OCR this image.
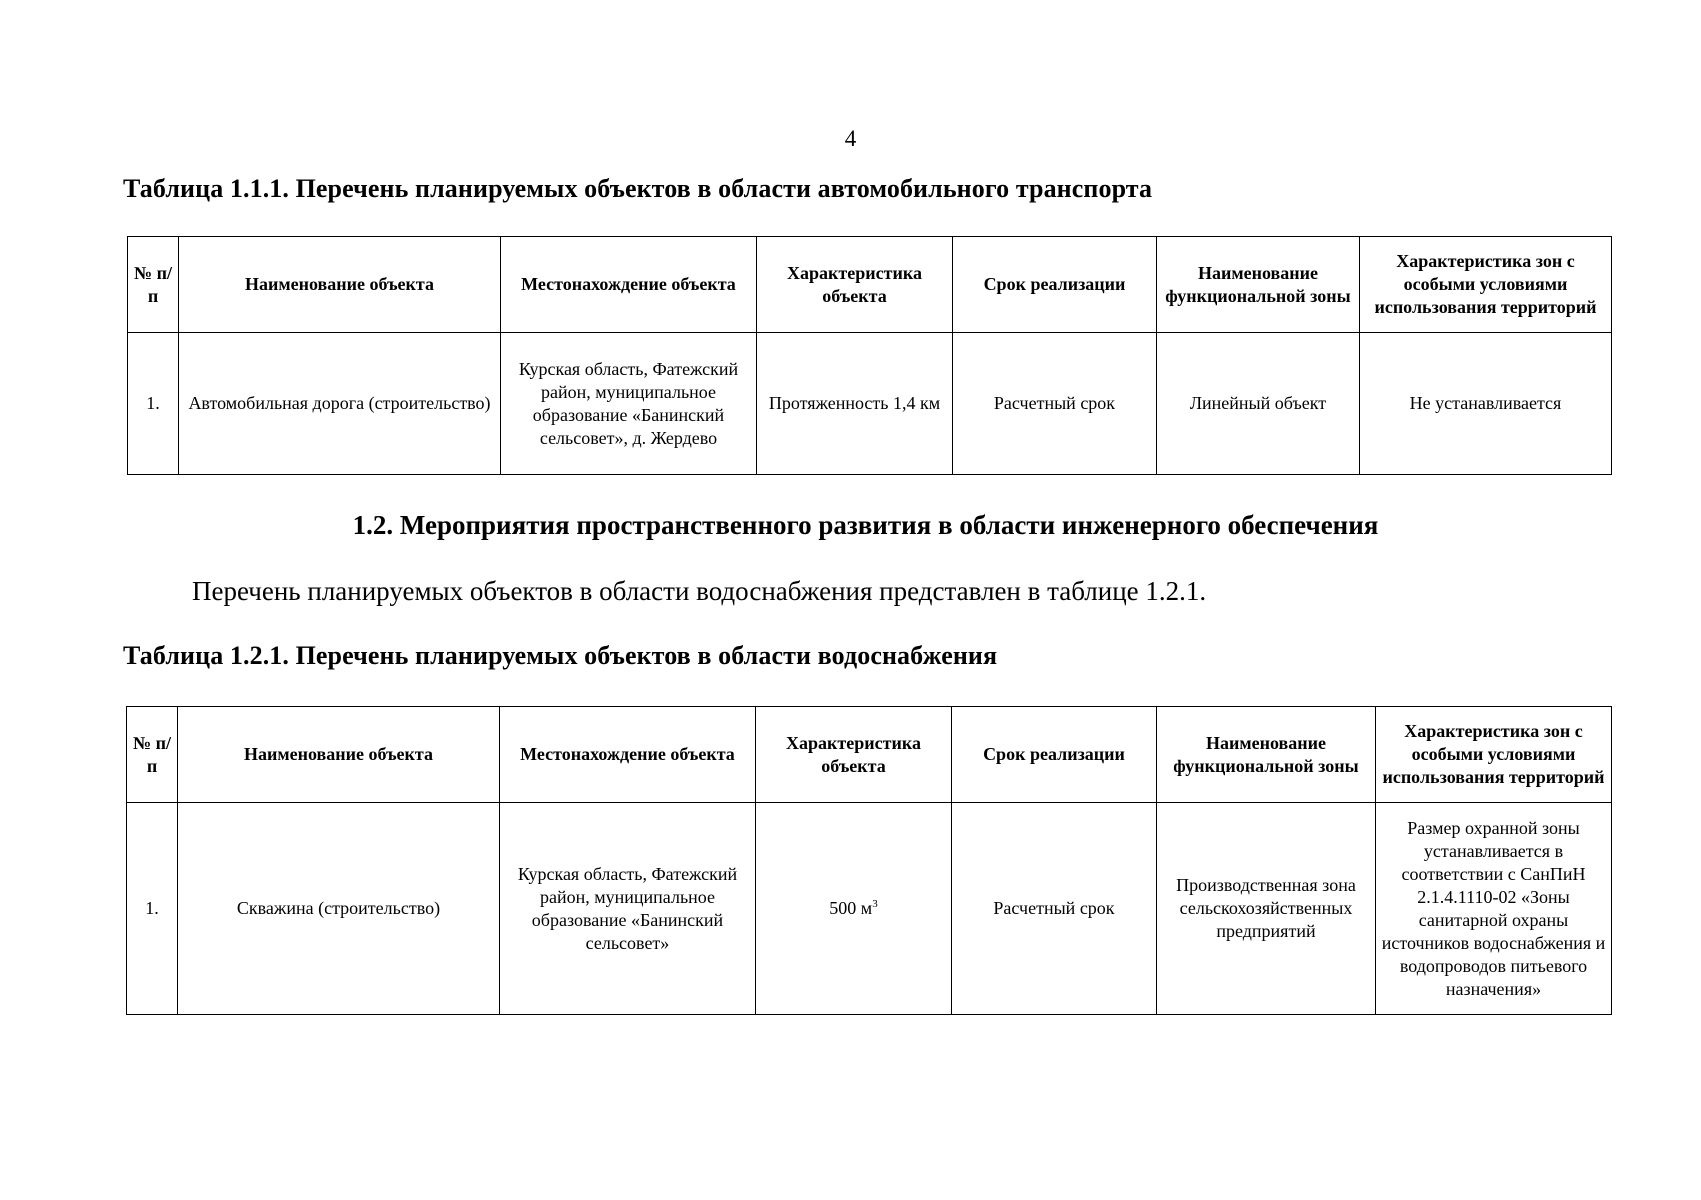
4
Таблица 1.1.1. Перечень планируемых объектов в области автомобильного транспорта
№ п/п	Наименование объекта	Местонахождение объекта	Характеристика объекта	Срок реализации	Наименование функциональной зоны	Характеристика зон с особыми условиями использования территорий
1.	Автомобильная дорога (строительство)	Курская область, Фатежский район, муниципальное образование «Банинский сельсовет», д. Жердево	Протяженность 1,4 км	Расчетный срок	Линейный объект	Не устанавливается
1.2. Мероприятия пространственного развития в области инженерного обеспечения
Перечень планируемых объектов в области водоснабжения представлен в таблице 1.2.1.
Таблица 1.2.1. Перечень планируемых объектов в области водоснабжения
№ п/п	Наименование объекта	Местонахождение объекта	Характеристика объекта	Срок реализации	Наименование функциональной зоны	Характеристика зон с особыми условиями использования территорий
1.	Скважина (строительство)	Курская область, Фатежский район, муниципальное образование «Банинский сельсовет»	500 $м^3$	Расчетный срок	Производственная зона сельскохозяйственных предприятий	Размер охранной зоны устанавливается в соответствии с СанПиН 2.1.4.1110-02 «Зоны санитарной охраны источников водоснабжения и водопроводов питьевого назначения»
